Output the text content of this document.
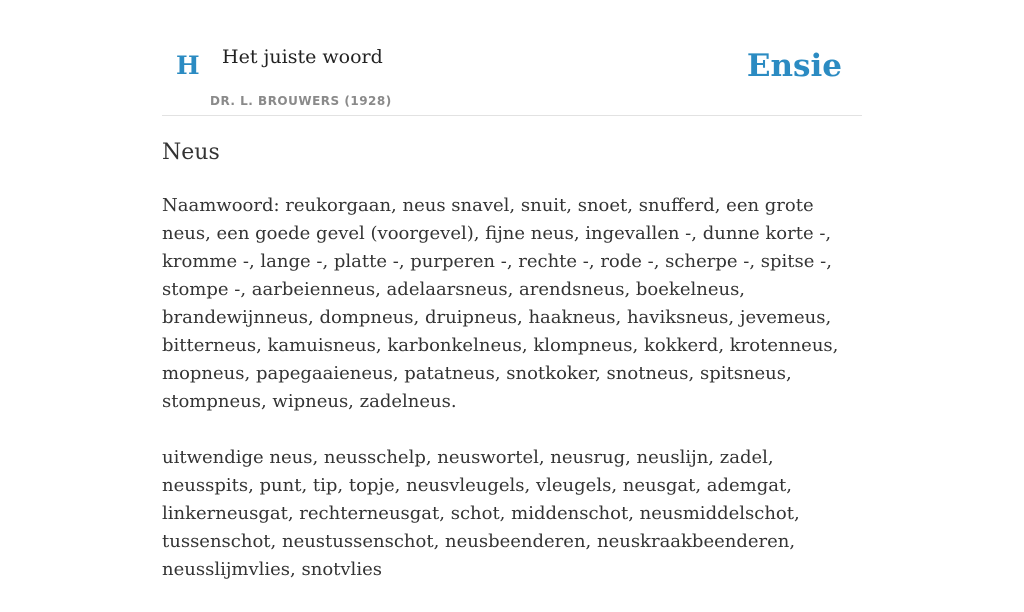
H Het juiste woord
DR. L. BROUWERS (1928)
Ensie
Neus

Naamwoord: reukorgaan, neus snavel, snuit, snoet, snufferd, een grote neus, een goede gevel (voorgevel), fijne neus, ingevallen -, dunne korte -, kromme -, lange -, platte -, purperen -, rechte -, rode -, scherpe -, spitse -, stompe -, aarbeienneus, adelaarsneus, arendsneus, boekelneus, brandewijnneus, dompneus, druipneus, haakneus, haviksneus, jevemeus, bitterneus, kamuisneus, karbonkelneus, klompneus, kokkerd, krotenneus, mopneus, papegaaieneus, patatneus, snotkoker, snotneus, spitsneus, stompneus, wipneus, zadelneus.

uitwendige neus, neusschelp, neuswortel, neusrug, neuslijn, zadel, neusspits, punt, tip, topje, neusvleugels, vleugels, neusgat, ademgat, linkerneusgat, rechterneusgat, schot, middenschot, neusmiddelschot, tussenschot, neustussenschot, neusbeenderen, neuskraakbeenderen, neusslijmvlies, snotvlies
